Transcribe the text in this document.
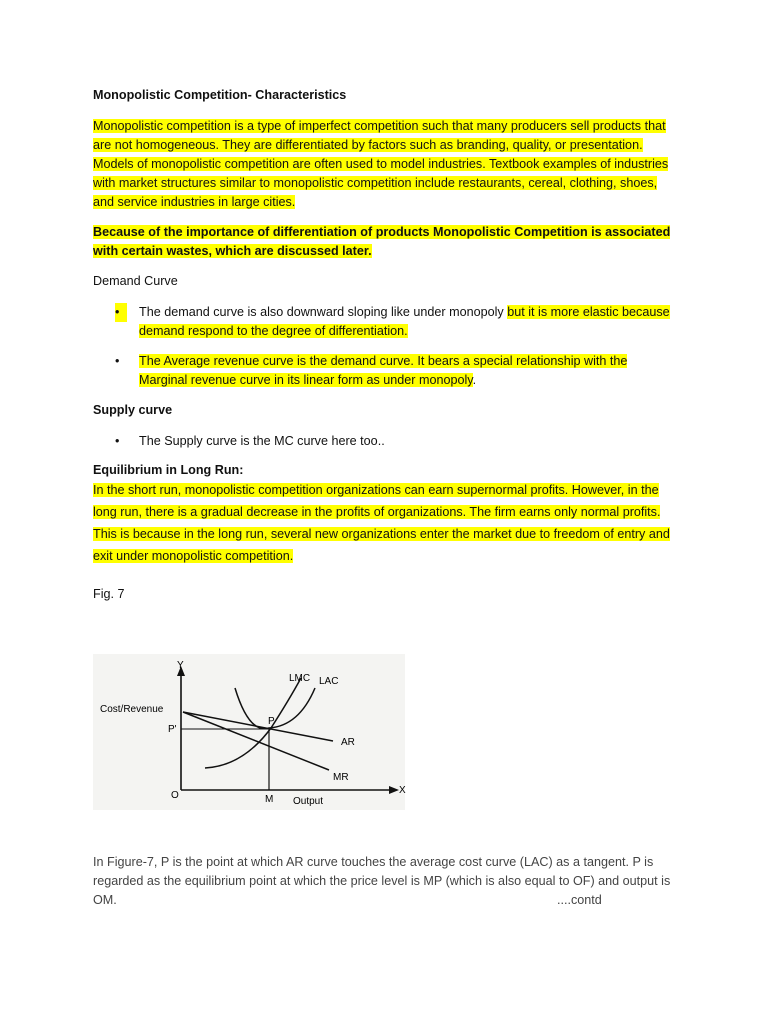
Monopolistic Competition- Characteristics

Monopolistic competition is a type of imperfect competition such that many producers sell products that are not homogeneous. They are differentiated by factors such as branding, quality, or presentation. Models of monopolistic competition are often used to model industries. Textbook examples of industries with market structures similar to monopolistic competition include restaurants, cereal, clothing, shoes, and service industries in large cities.

Because of the importance of differentiation of products Monopolistic Competition is associated with certain wastes, which are discussed later.

Demand Curve
•	The demand curve is also downward sloping like under monopoly but it is more elastic because demand respond to the degree of differentiation.
•	The Average revenue curve is the demand curve. It bears a special relationship with the Marginal revenue curve in its linear form as under monopoly.
Supply curve
•	The Supply curve is the MC curve here too..
Equilibrium in Long Run:

In the short run, monopolistic competition organizations can earn supernormal profits. However, in the long run, there is a gradual decrease in the profits of organizations. The firm earns only normal profits. This is because in the long run, several new organizations enter the market due to freedom of entry and exit under monopolistic competition.

Fig. 7
Y
X
Cost/Revenue
O	M Output
P
P'
LMC LAC
AR
MR
In Figure-7, P is the point at which AR curve touches the average cost curve (LAC) as a tangent. P is regarded as the equilibrium point at which the price level is MP (which is also equal to OF) and output is OM.	....contd
